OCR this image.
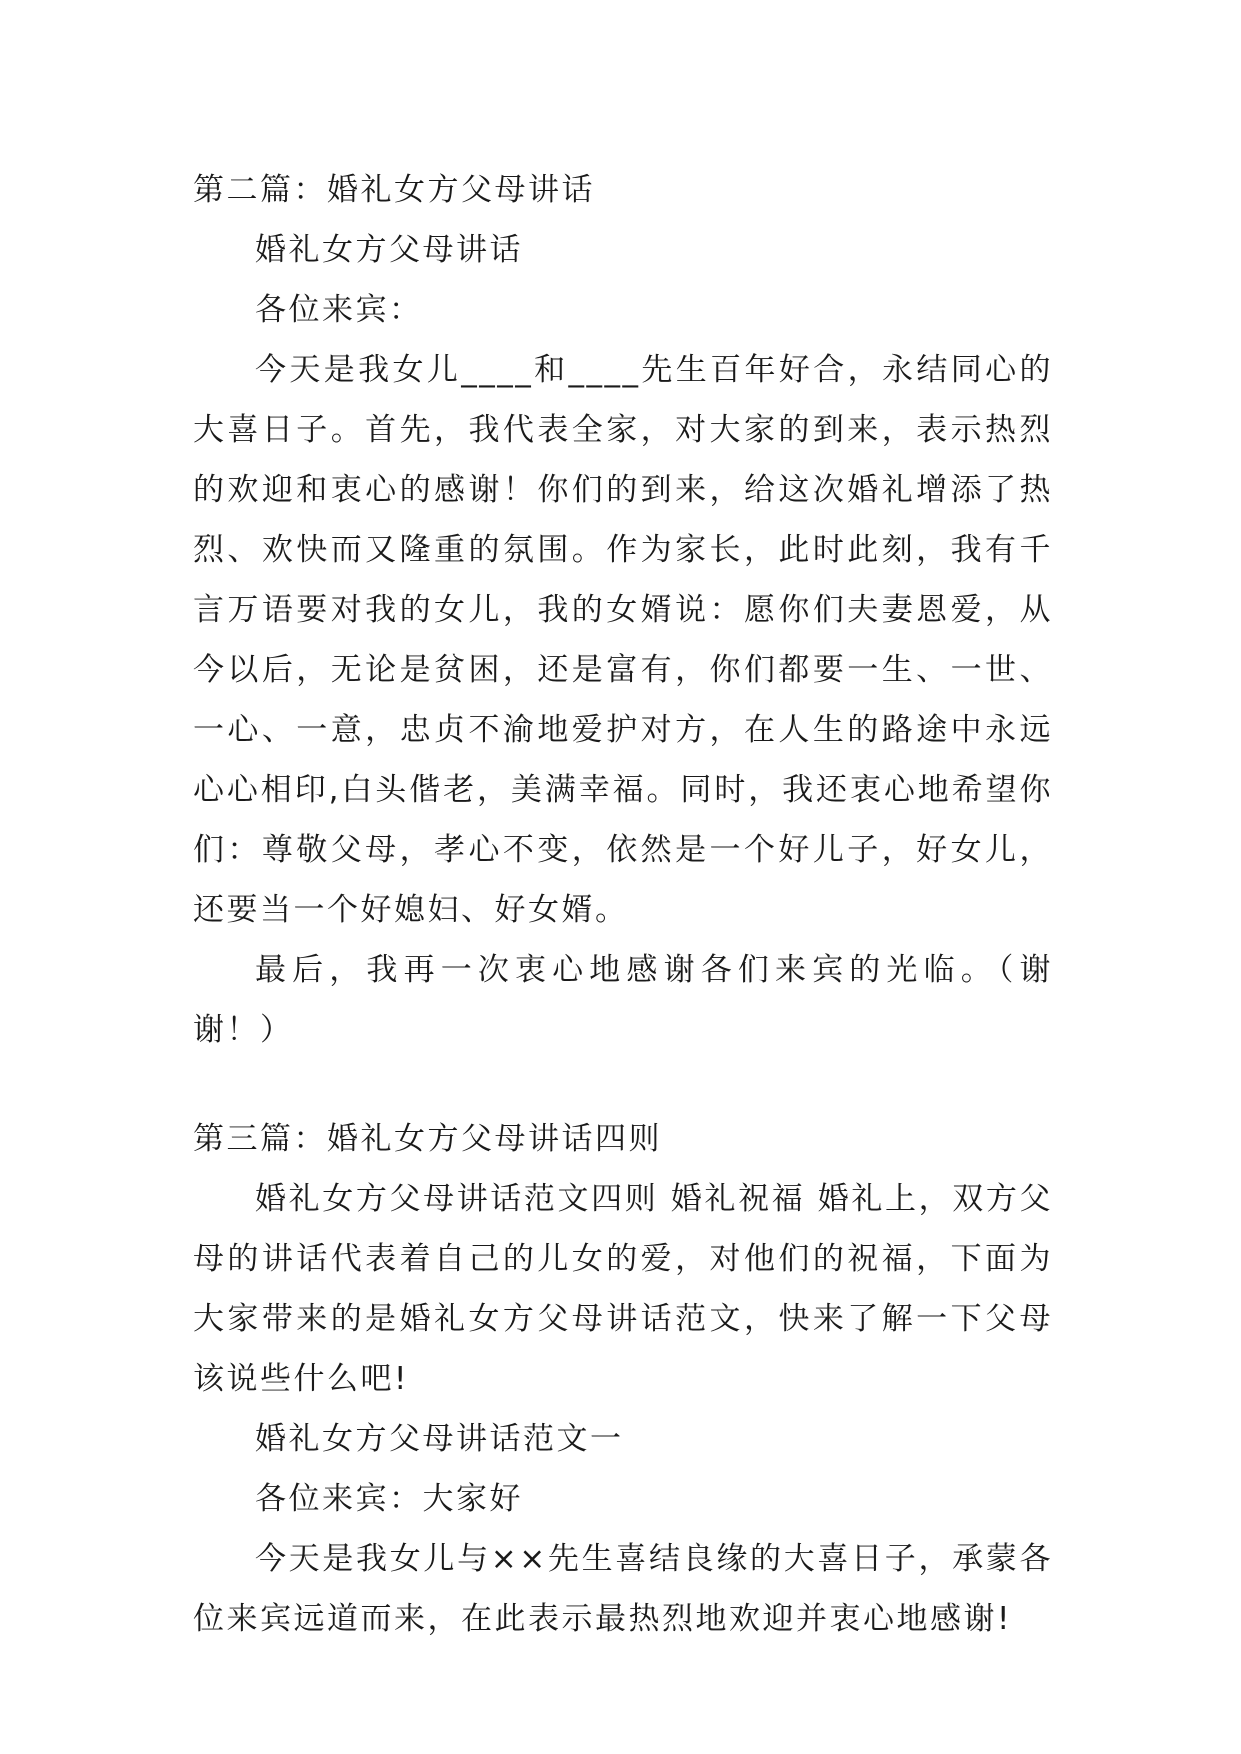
第二篇：婚礼女方父母讲话

婚礼女方父母讲话

各位来宾：

今天是我女儿____和____先生百年好合，永结同心的大喜日子。首先，我代表全家，对大家的到来，表示热烈的欢迎和衷心的感谢！你们的到来，给这次婚礼增添了热烈、欢快而又隆重的氛围。作为家长，此时此刻，我有千言万语要对我的女儿，我的女婿说：愿你们夫妻恩爱，从今以后，无论是贫困，还是富有，你们都要一生、一世、一心、一意，忠贞不渝地爱护对方，在人生的路途中永远心心相印,白头偕老，美满幸福。同时，我还衷心地希望你们：尊敬父母，孝心不变，依然是一个好儿子，好女儿，还要当一个好媳妇、好女婿。

最后，我再一次衷心地感谢各们来宾的光临。（谢谢！）

第三篇：婚礼女方父母讲话四则

婚礼女方父母讲话范文四则 婚礼祝福 婚礼上，双方父母的讲话代表着自己的儿女的爱，对他们的祝福，下面为大家带来的是婚礼女方父母讲话范文，快来了解一下父母该说些什么吧!

婚礼女方父母讲话范文一

各位来宾：大家好

今天是我女儿与××先生喜结良缘的大喜日子，承蒙各位来宾远道而来，在此表示最热烈地欢迎并衷心地感谢!
